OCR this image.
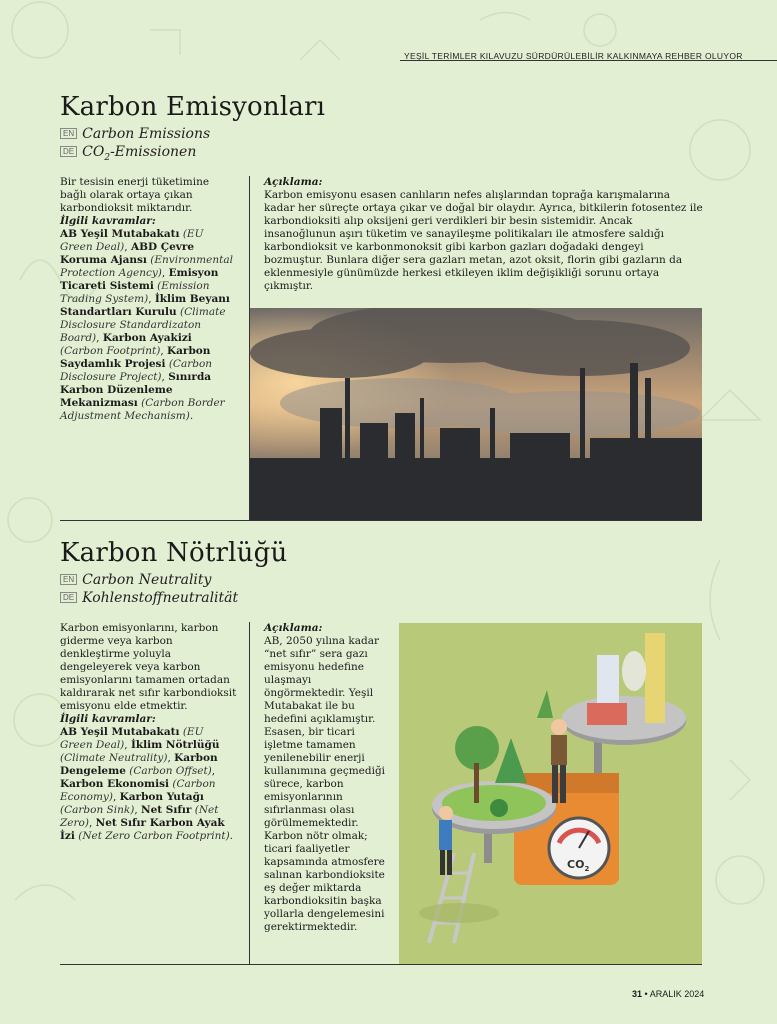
YEŞİL TERİMLER KILAVUZU SÜRDÜRÜLEBİLİR KALKINMAYA REHBER OLUYOR
Karbon Emisyonları
EN Carbon Emissions
DE $CO_2$-Emissionen

Bir tesisin enerji tüketimine bağlı olarak ortaya çıkan karbondioksit miktarıdır.

İlgili kavramlar:

AB Yeşil Mutabakatı (EU Green Deal), ABD Çevre Koruma Ajansı (Environmental Protection Agency), Emisyon Ticareti Sistemi (Emission Trading System), İklim Beyanı Standartları Kurulu (Climate Disclosure Standardizaton Board), Karbon Ayakizi (Carbon Footprint), Karbon Saydamlık Projesi (Carbon Disclosure Project), Sınırda Karbon Düzenleme Mekanizması (Carbon Border Adjustment Mechanism).

Açıklama:

Karbon emisyonu esasen canlıların nefes alışlarından toprağa karışmalarına kadar her süreçte ortaya çıkar ve doğal bir olaydır. Ayrıca, bitkilerin fotosentez ile karbondioksiti alıp oksijeni geri verdikleri bir besin sistemidir. Ancak insanoğlunun aşırı tüketim ve sanayileşme politikaları ile atmosfere saldığı karbondioksit ve karbonmonoksit gibi karbon gazları doğadaki dengeyi bozmuştur. Bunlara diğer sera gazları metan, azot oksit, florin gibi gazların da eklenmesiyle günümüzde herkesi etkileyen iklim değişikliği sorunu ortaya çıkmıştır.

Karbon Nötrlüğü
EN Carbon Neutrality
DE Kohlenstoffneutralität

Karbon emisyonlarını, karbon giderme veya karbon denkleştirme yoluyla dengeleyerek veya karbon emisyonlarını tamamen ortadan kaldırarak net sıfır karbondioksit emisyonu elde etmektir.

İlgili kavramlar:

AB Yeşil Mutabakatı (EU Green Deal), İklim Nötrlüğü (Climate Neutrality), Karbon Dengeleme (Carbon Offset), Karbon Ekonomisi (Carbon Economy), Karbon Yutağı (Carbon Sink), Net Sıfır (Net Zero), Net Sıfır Karbon Ayak İzi (Net Zero Carbon Footprint).

Açıklama:

AB, 2050 yılına kadar “net sıfır” sera gazı emisyonu hedefine ulaşmayı öngörmektedir. Yeşil Mutabakat ile bu hedefini açıklamıştır. Esasen, bir ticari işletme tamamen yenilenebilir enerji kullanımına geçmediği sürece, karbon emisyonlarının sıfırlanması olası görülmemektedir. Karbon nötr olmak; ticari faaliyetler kapsamında atmosfere salınan karbondioksite eş değer miktarda karbondioksitin başka yollarla dengelemesini gerektirmektedir.

$CO_2$
31 • ARALIK 2024
